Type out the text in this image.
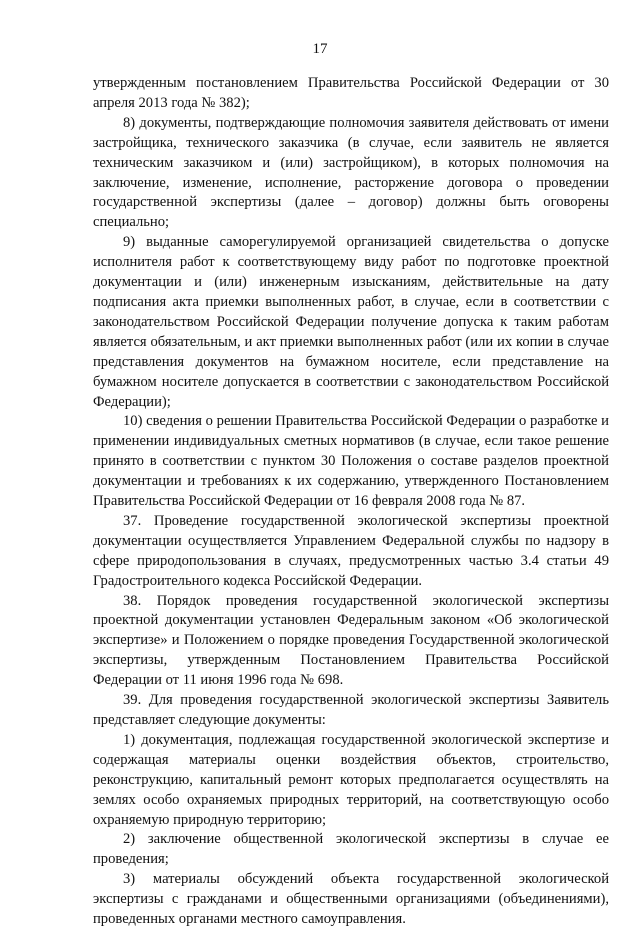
17

утвержденным постановлением Правительства Российской Федерации от 30 апреля 2013 года № 382);

8) документы, подтверждающие полномочия заявителя действовать от имени застройщика, технического заказчика (в случае, если заявитель не является техническим заказчиком и (или) застройщиком), в которых полномочия на заключение, изменение, исполнение, расторжение договора о проведении государственной экспертизы (далее – договор) должны быть оговорены специально;

9) выданные саморегулируемой организацией свидетельства о допуске исполнителя работ к соответствующему виду работ по подготовке проектной документации и (или) инженерным изысканиям, действительные на дату подписания акта приемки выполненных работ, в случае, если в соответствии с законодательством Российской Федерации получение допуска к таким работам является обязательным, и акт приемки выполненных работ (или их копии в случае представления документов на бумажном носителе, если представление на бумажном носителе допускается в соответствии с законодательством Российской Федерации);

10) сведения о решении Правительства Российской Федерации о разработке и применении индивидуальных сметных нормативов (в случае, если такое решение принято в соответствии с пунктом 30 Положения о составе разделов проектной документации и требованиях к их содержанию, утвержденного Постановлением Правительства Российской Федерации от 16 февраля 2008 года № 87.

37. Проведение государственной экологической экспертизы проектной документации осуществляется Управлением Федеральной службы по надзору в сфере природопользования в случаях, предусмотренных частью 3.4 статьи 49 Градостроительного кодекса Российской Федерации.

38. Порядок проведения государственной экологической экспертизы проектной документации установлен Федеральным законом «Об экологической экспертизе» и Положением о порядке проведения Государственной экологической экспертизы, утвержденным Постановлением Правительства Российской Федерации от 11 июня 1996 года № 698.

39. Для проведения государственной экологической экспертизы Заявитель представляет следующие документы:

1) документация, подлежащая государственной экологической экспертизе и содержащая материалы оценки воздействия объектов, строительство, реконструкцию, капитальный ремонт которых предполагается осуществлять на землях особо охраняемых природных территорий, на соответствующую особо охраняемую природную территорию;

2) заключение общественной экологической экспертизы в случае ее проведения;

3) материалы обсуждений объекта государственной экологической экспертизы с гражданами и общественными организациями (объединениями), проведенных органами местного самоуправления.
